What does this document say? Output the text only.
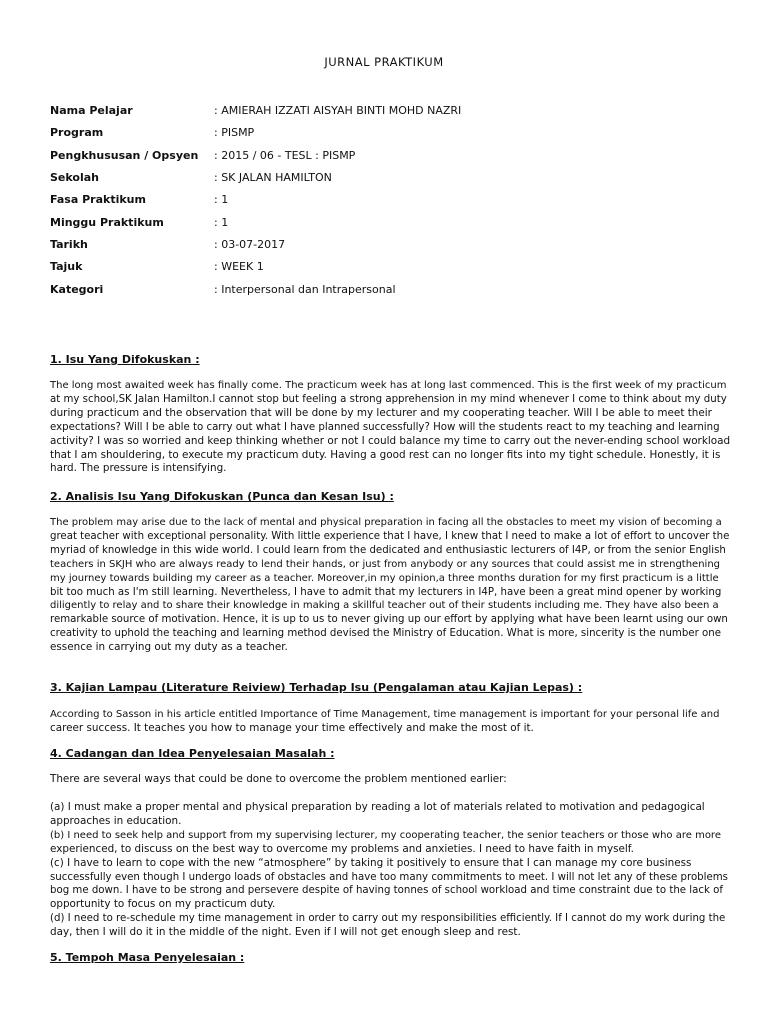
JURNAL PRAKTIKUM
Nama Pelajar	: AMIERAH IZZATI AISYAH BINTI MOHD NAZRI
Program	: PISMP
Pengkhususan / Opsyen	: 2015 / 06 - TESL : PISMP
Sekolah	: SK JALAN HAMILTON
Fasa Praktikum	: 1
Minggu Praktikum	: 1
Tarikh	: 03-07-2017
Tajuk	: WEEK 1
Kategori	: Interpersonal dan Intrapersonal
1. Isu Yang Difokuskan :
The long most awaited week has finally come. The practicum week has at long last commenced. This is the first week of my practicum
at my school,SK Jalan Hamilton.I cannot stop but feeling a strong apprehension in my mind whenever I come to think about my duty
during practicum and the observation that will be done by my lecturer and my cooperating teacher. Will I be able to meet their
expectations? Will I be able to carry out what I have planned successfully? How will the students react to my teaching and learning
activity? I was so worried and keep thinking whether or not I could balance my time to carry out the never-ending school workload
that I am shouldering, to execute my practicum duty. Having a good rest can no longer fits into my tight schedule. Honestly, it is
hard. The pressure is intensifying.
2. Analisis Isu Yang Difokuskan (Punca dan Kesan Isu) :
The problem may arise due to the lack of mental and physical preparation in facing all the obstacles to meet my vision of becoming a
great teacher with exceptional personality. With little experience that I have, I knew that I need to make a lot of effort to uncover the
myriad of knowledge in this wide world. I could learn from the dedicated and enthusiastic lecturers of I4P, or from the senior English
teachers in SKJH who are always ready to lend their hands, or just from anybody or any sources that could assist me in strengthening
my journey towards building my career as a teacher. Moreover,in my opinion,a three months duration for my first practicum is a little
bit too much as I'm still learning. Nevertheless, I have to admit that my lecturers in I4P, have been a great mind opener by working
diligently to relay and to share their knowledge in making a skillful teacher out of their students including me. They have also been a
remarkable source of motivation. Hence, it is up to us to never giving up our effort by applying what have been learnt using our own
creativity to uphold the teaching and learning method devised the Ministry of Education. What is more, sincerity is the number one
essence in carrying out my duty as a teacher.
3. Kajian Lampau (Literature Reiview) Terhadap Isu (Pengalaman atau Kajian Lepas) :
According to Sasson in his article entitled Importance of Time Management, time management is important for your personal life and
career success. It teaches you how to manage your time effectively and make the most of it.
4. Cadangan dan Idea Penyelesaian Masalah :
There are several ways that could be done to overcome the problem mentioned earlier:
(a) I must make a proper mental and physical preparation by reading a lot of materials related to motivation and pedagogical
approaches in education.
(b) I need to seek help and support from my supervising lecturer, my cooperating teacher, the senior teachers or those who are more
experienced, to discuss on the best way to overcome my problems and anxieties. I need to have faith in myself.
(c) I have to learn to cope with the new “atmosphere” by taking it positively to ensure that I can manage my core business
successfully even though I undergo loads of obstacles and have too many commitments to meet. I will not let any of these problems
bog me down. I have to be strong and persevere despite of having tonnes of school workload and time constraint due to the lack of
opportunity to focus on my practicum duty.
(d) I need to re-schedule my time management in order to carry out my responsibilities efficiently. If I cannot do my work during the
day, then I will do it in the middle of the night. Even if I will not get enough sleep and rest.
5. Tempoh Masa Penyelesaian :
